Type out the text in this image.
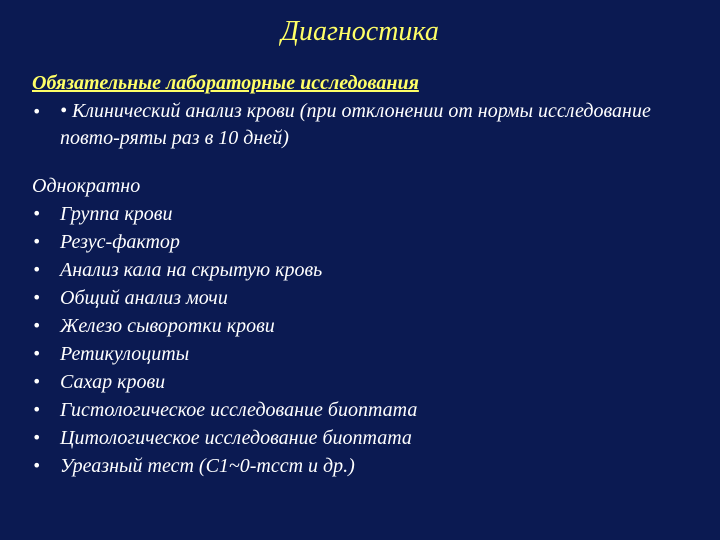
Диагностика
Обязательные лабораторные исследования
• • Клинический анализ крови (при отклонении от нормы исследование повто-ряты раз в 10 дней)
Однократно
• Группа крови
• Резус-фактор
• Анализ кала на скрытую кровь
• Общий анализ мочи
• Железо сыворотки крови
• Ретикулоциты
• Сахар крови
• Гистологическое исследование биоптата
• Цитологическое исследование биоптата
• Уреазный тест (C1~0-тсст и др.)
